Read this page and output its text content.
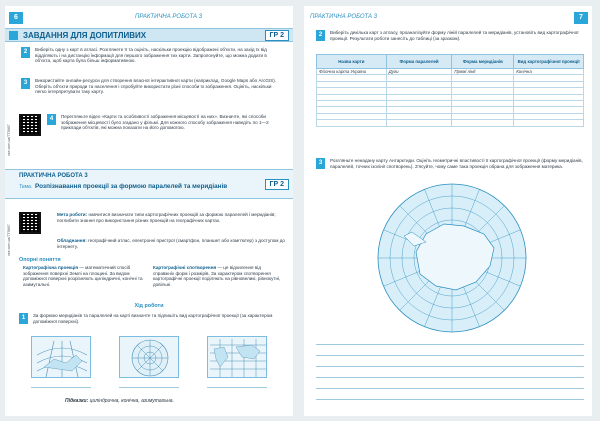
6	ПРАКТИЧНА РОБОТА 3
ЗАВДАННЯ ДЛЯ ДОПИТЛИВИХ	ГР 2
2	Виберіть одну з карт в атласі. Розглянете її та оцініть, наскільки проекцію відображені об'єкти, на захід їх від відділяють і на дистанцію інформації для першого зображення тих карти. Запропонуйте, що можна додати в об'єкта, щоб карта була більш інформативною.
3	Використайте онлайн-ресурси для створення власної інтерактивної карти (наприклад, Google Maps або ArcGIS). Оберіть об'єкти природи та населення і спробуйте використати різні способи їх зображення. Оцініть, наскільки легко інтерпретувати таку карту.
4	Перегляньте відео «Карти та особливості зображення місцевості на них». Визначте, які способи зображення місцевості було згадано у фільмі. Для кожного способу зображення наведіть по 1—2 приклади об'єктів, які можна показати на його допомогою.
vse.com.ua/7T5667
ПРАКТИЧНА РОБОТА 3
Тема. Розпізнавання проекції за формою паралелей та меридіанів	ГР 2
vse.com.ua/7T5667
Мета роботи: навчитися визначати типи картографічних проекцій за формою паралелей і меридіанів; поглибити знання про використання різних проекцій на географічних картах.
Обладнання: географічний атлас, електронні пристрої (смартфон, планшет або комп'ютер) з доступом до інтернету.
Опорні поняття
Картографічна проекція — математичний спосіб зображення поверхні Землі на площині. За видом допоміжної поверхні розрізняють циліндричні, конічні та азимутальні.
Картографічні спотворення — це відхилення від справжніх форм і розмірів. За характером спотворення картографічні проекції поділяють на рівновеликі, рівнокутні, довільні.
Хід роботи
1	За формою меридіанів та паралелей на карті визначте та підпишіть вид картографічної проекції (за характером допоміжної поверхні).
Підказки: циліндрична, конічна, азимутальна.
ПРАКТИЧНА РОБОТА 3	7
2	Виберіть декілька карт з атласу, проаналізуйте форму ліній паралелей та меридіанів, установіть вид картографічної проекції. Результати роботи занесіть до таблиці (за зразком).
Назва карти	Форма паралелей	Форма меридіанів	Вид картографічної проекції
Фізична карта України	Дуги	Прямі лінії	Конічна

3	Розгляньте ненадану карту Антарктиди. Оцініть геометричні властивості її картографічної проекції (форму меридіанів, паралелей, точних ізолінії спотворень). З'ясуйте, чому саме така проекція обрана для зображення материка.
